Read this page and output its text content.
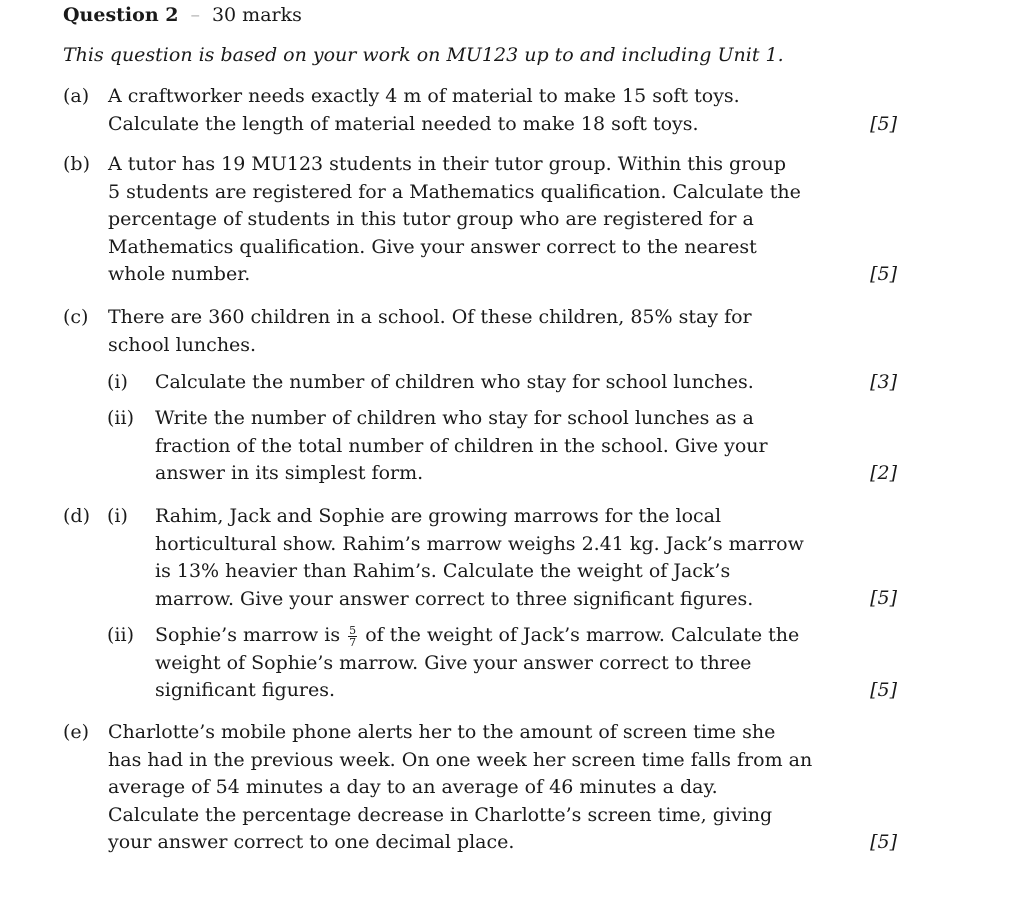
Question 2 – 30 marks
This question is based on your work on MU123 up to and including Unit 1.
(a) A craftworker needs exactly 4 m of material to make 15 soft toys.
Calculate the length of material needed to make 18 soft toys.	[5]
(b) A tutor has 19 MU123 students in their tutor group. Within this group
5 students are registered for a Mathematics qualification. Calculate the
percentage of students in this tutor group who are registered for a
Mathematics qualification. Give your answer correct to the nearest
whole number.	[5]
(c) There are 360 children in a school. Of these children, 85% stay for
school lunches.
(i) Calculate the number of children who stay for school lunches.	[3]
(ii) Write the number of children who stay for school lunches as a
fraction of the total number of children in the school. Give your
answer in its simplest form.	[2]
(d) (i) Rahim, Jack and Sophie are growing marrows for the local
horticultural show. Rahim’s marrow weighs 2.41 kg. Jack’s marrow
is 13% heavier than Rahim’s. Calculate the weight of Jack’s
marrow. Give your answer correct to three significant figures.	[5]
(ii) Sophie’s marrow is $\frac{5}{7}$ of the weight of Jack’s marrow. Calculate the
weight of Sophie’s marrow. Give your answer correct to three
significant figures.	[5]
(e) Charlotte’s mobile phone alerts her to the amount of screen time she
has had in the previous week. On one week her screen time falls from an
average of 54 minutes a day to an average of 46 minutes a day.
Calculate the percentage decrease in Charlotte’s screen time, giving
your answer correct to one decimal place.	[5]
